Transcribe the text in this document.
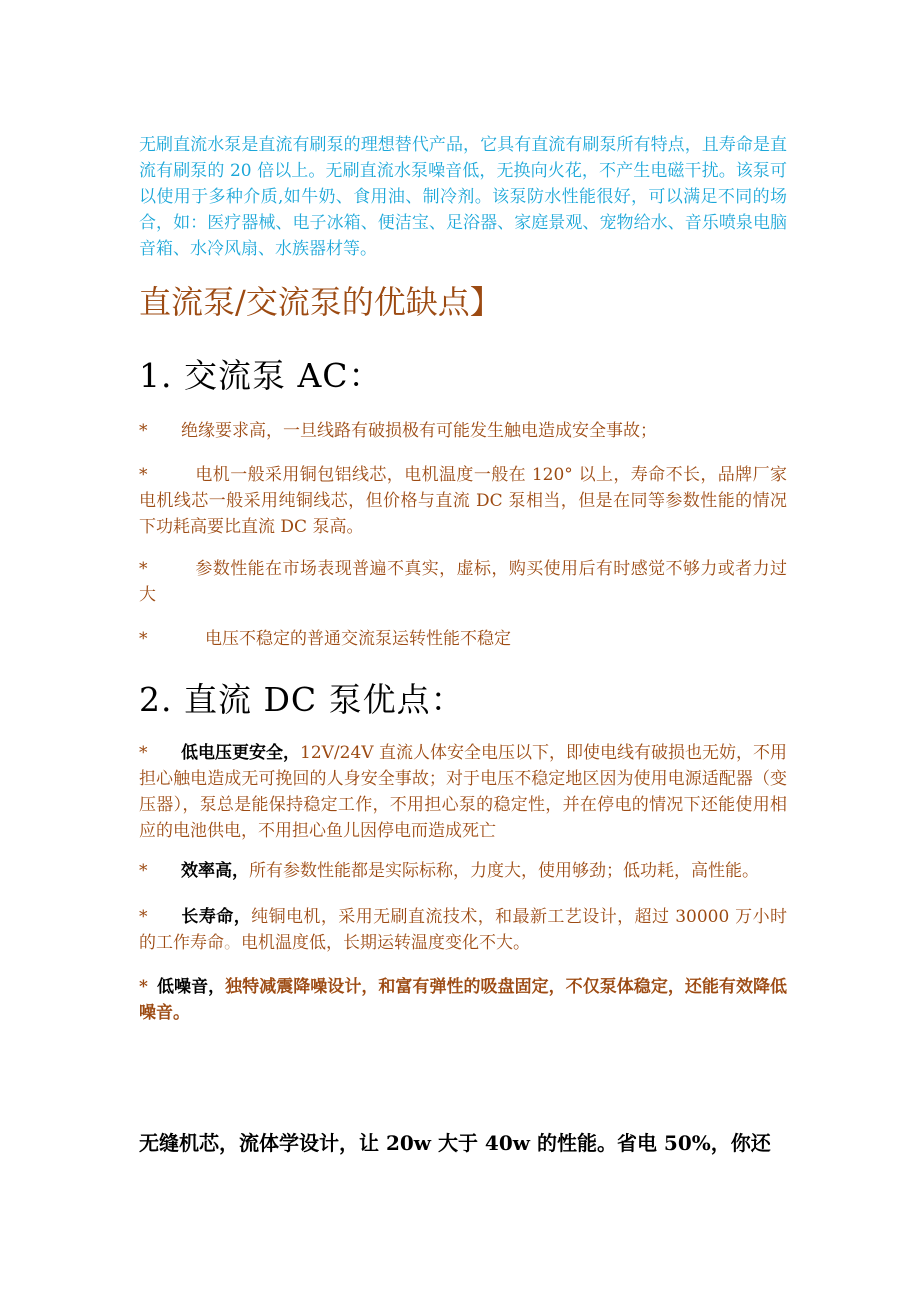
无刷直流水泵是直流有刷泵的理想替代产品，它具有直流有刷泵所有特点，且寿命是直流有刷泵的 20 倍以上。无刷直流水泵噪音低，无换向火花，不产生电磁干扰。该泵可以使用于多种介质,如牛奶、食用油、制冷剂。该泵防水性能很好，可以满足不同的场合，如：医疗器械、电子冰箱、便洁宝、足浴器、家庭景观、宠物给水、音乐喷泉电脑音箱、水冷风扇、水族器材等。

直流泵/交流泵的优缺点】
1. 交流泵 AC：

* 绝缘要求高，一旦线路有破损极有可能发生触电造成安全事故；

*	电机一般采用铜包铝线芯，电机温度一般在 120° 以上，寿命不长，品牌厂家电机线芯一般采用纯铜线芯，但价格与直流 DC 泵相当，但是在同等参数性能的情况下功耗高要比直流 DC 泵高。

*	参数性能在市场表现普遍不真实，虚标，购买使用后有时感觉不够力或者力过大

*	电压不稳定的普通交流泵运转性能不稳定

2. 直流 DC 泵优点：

* 低电压更安全，12V/24V 直流人体安全电压以下，即使电线有破损也无妨，不用担心触电造成无可挽回的人身安全事故；对于电压不稳定地区因为使用电源适配器（变压器），泵总是能保持稳定工作，不用担心泵的稳定性，并在停电的情况下还能使用相应的电池供电，不用担心鱼儿因停电而造成死亡

* 效率高，所有参数性能都是实际标称，力度大，使用够劲；低功耗，高性能。

* 长寿命，纯铜电机，采用无刷直流技术，和最新工艺设计，超过 30000 万小时的工作寿命。电机温度低，长期运转温度变化不大。

* 低噪音，独特减震降噪设计，和富有弹性的吸盘固定，不仅泵体稳定，还能有效降低噪音。

无缝机芯，流体学设计，让 20w 大于 40w 的性能。省电 50%，你还
